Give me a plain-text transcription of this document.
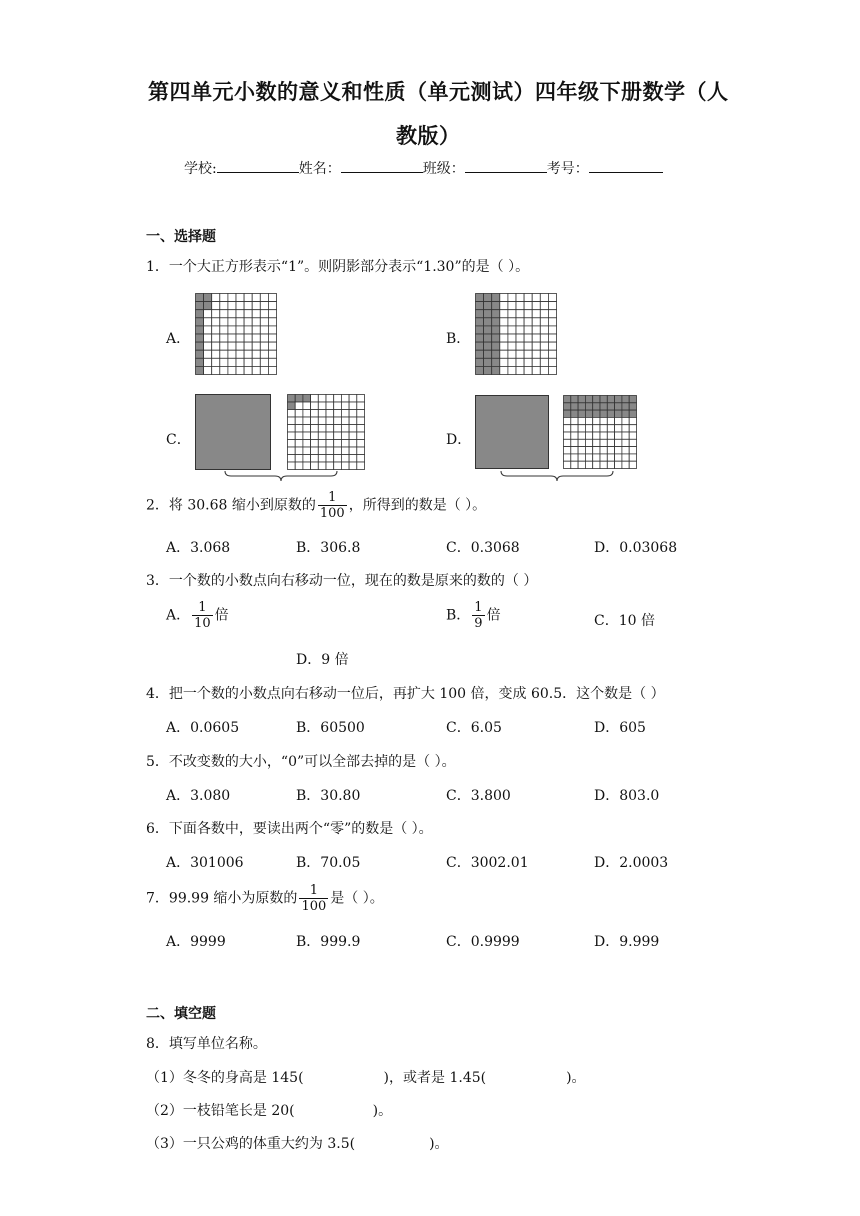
第四单元小数的意义和性质（单元测试）四年级下册数学（人
教版）
学校:	姓名：	班级：	考号：
一、选择题
1．一个大正方形表示“1”。则阴影部分表示“1.30”的是（ ）。
A．	B．
C．	D．
2．将 30.68 缩小到原数的 $\frac{1}{100}$ ，所得到的数是（ ）。
A．3.068	B．306.8	C．0.3068	D．0.03068
3．一个数的小数点向右移动一位，现在的数是原来的数的（ ）
A． $\frac{1}{10}$ 倍	B． $\frac{1}{9}$ 倍	C．10 倍
D．9 倍
4．把一个数的小数点向右移动一位后，再扩大 100 倍，变成 60.5．这个数是（ ）
A．0.0605	B．60500	C．6.05	D．605
5．不改变数的大小，“0”可以全部去掉的是（ ）。
A．3.080	B．30.80	C．3.800	D．803.0
6．下面各数中，要读出两个“零”的数是（ ）。
A．301006	B．70.05	C．3002.01	D．2.0003
7．99.99 缩小为原数的 $\frac{1}{100}$ 是（ ）。
A．9999	B．999.9	C．0.9999	D．9.999
二、填空题
8．填写单位名称。
（1）冬冬的身高是 145(	)，或者是 1.45(	)。
（2）一枝铅笔长是 20(	)。
（3）一只公鸡的体重大约为 3.5(	)。
